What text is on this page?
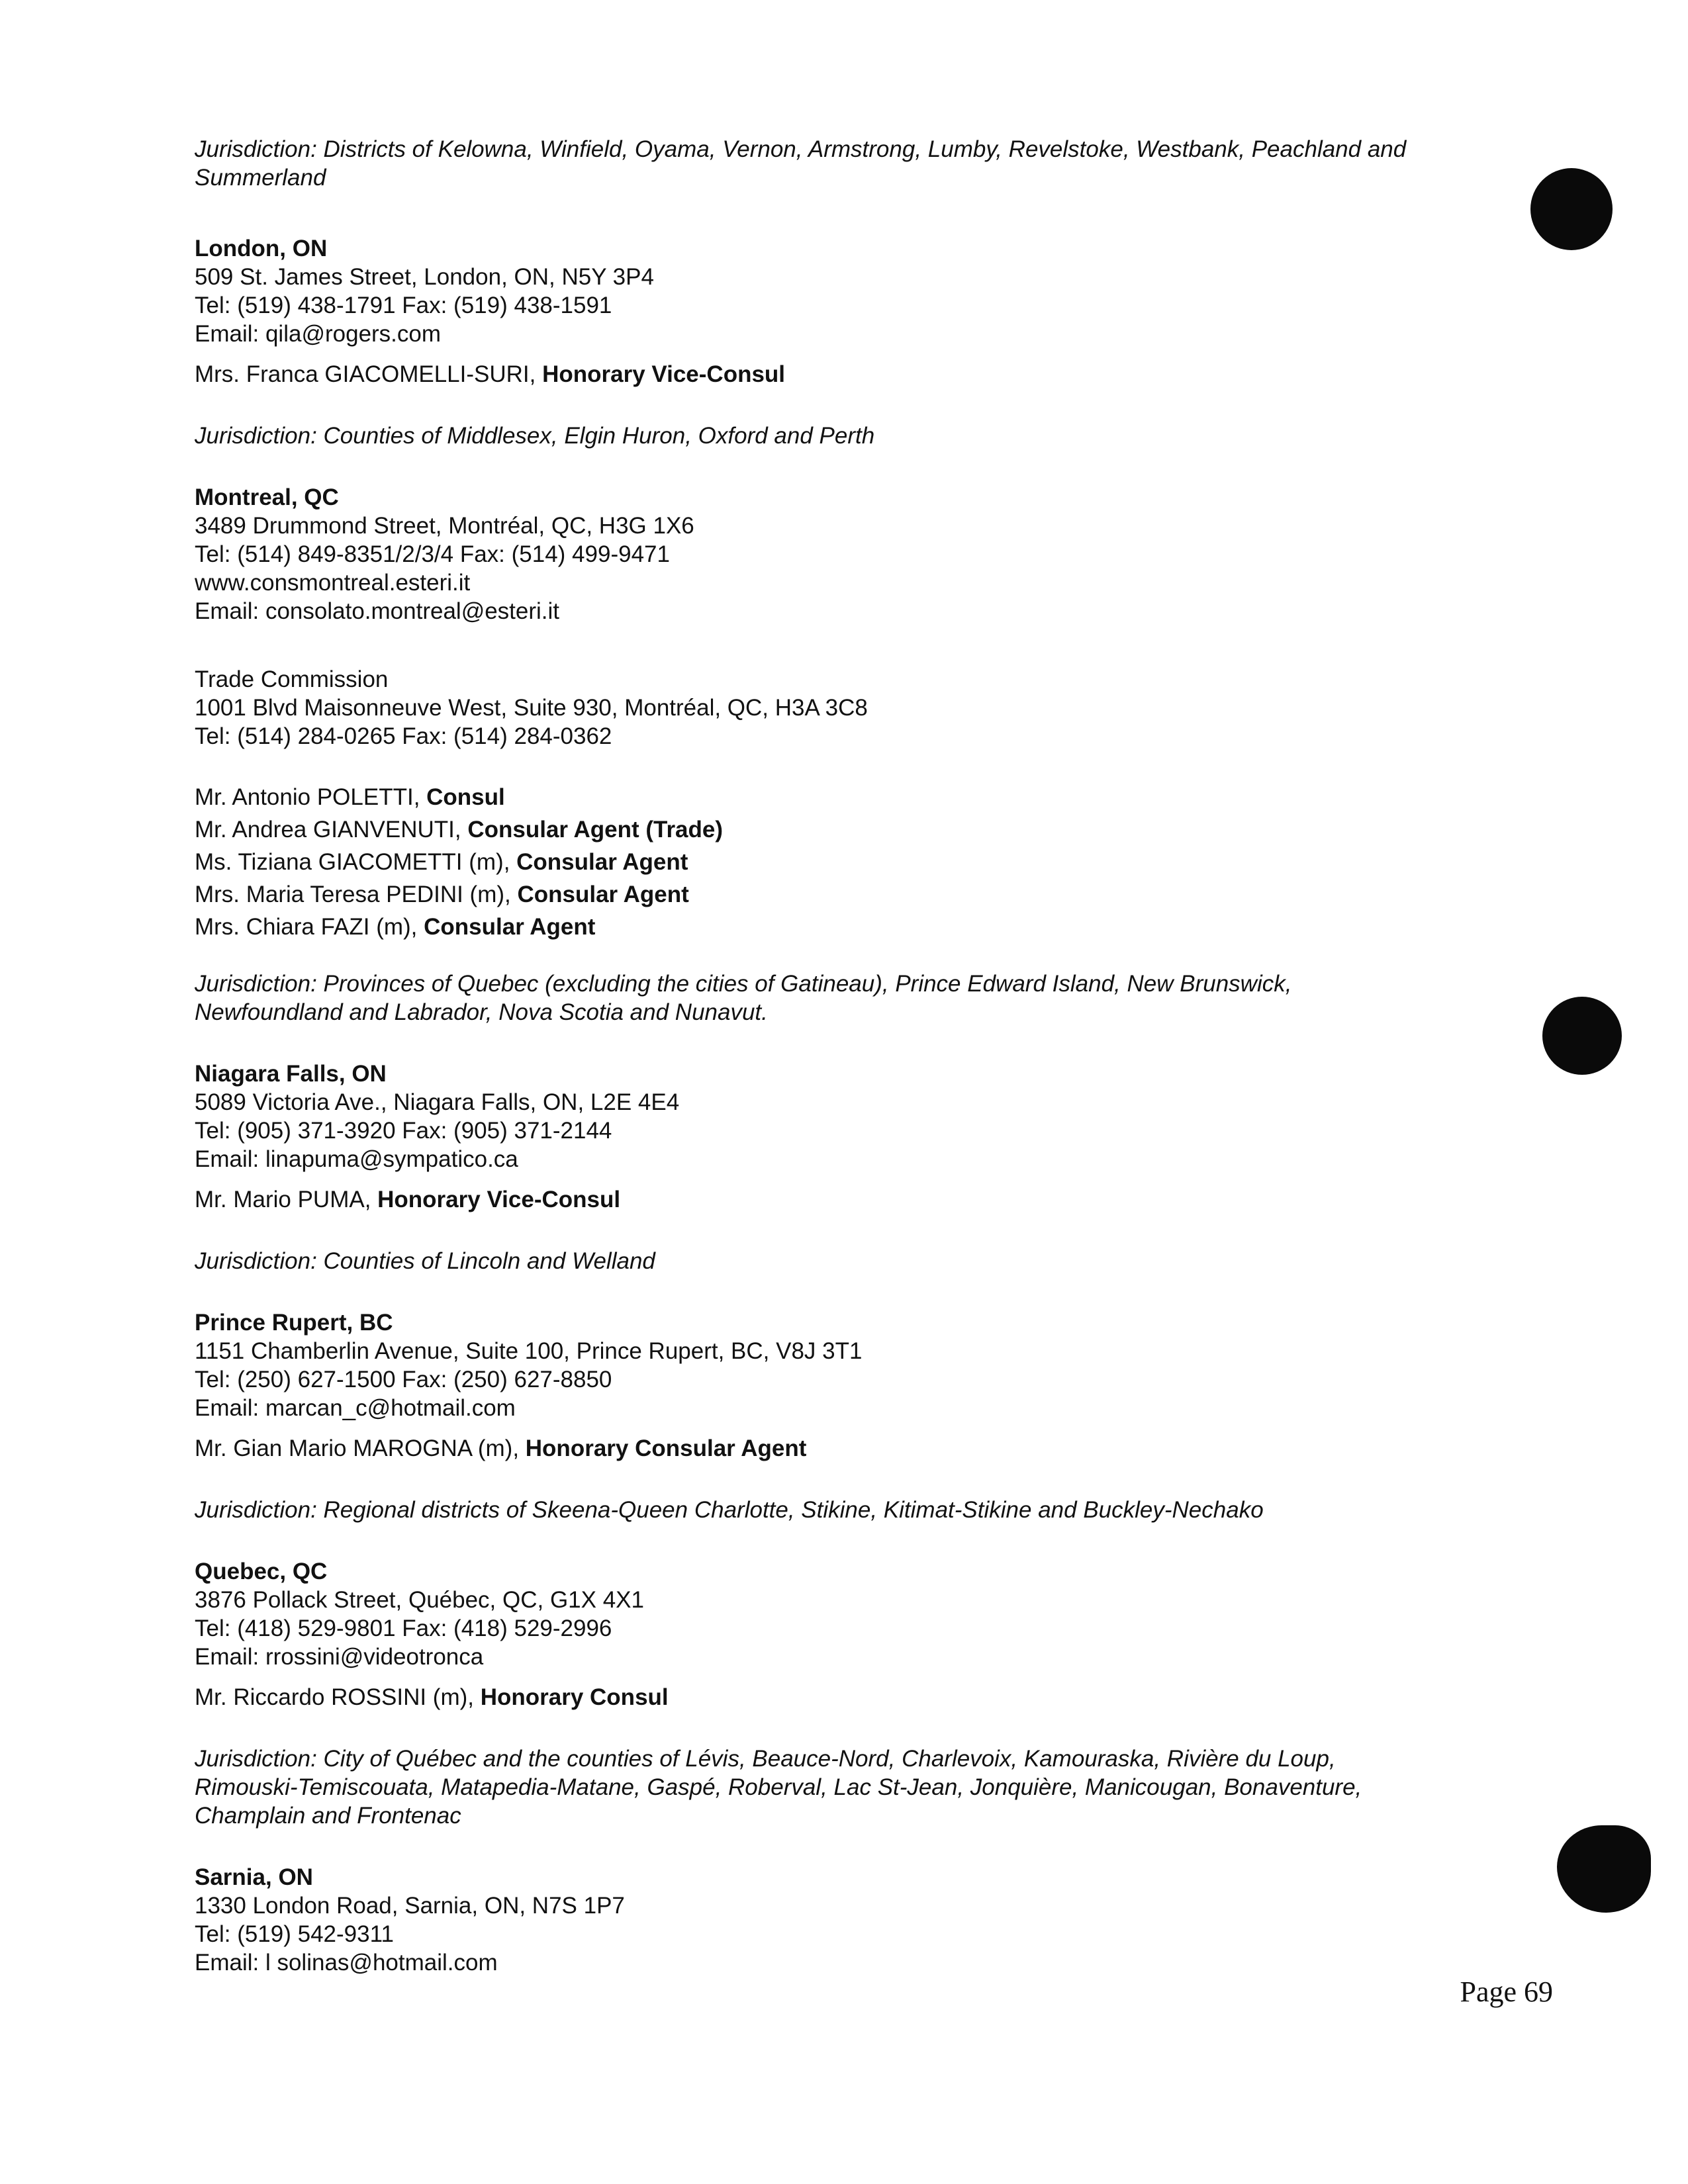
Jurisdiction: Districts of Kelowna, Winfield, Oyama, Vernon, Armstrong, Lumby, Revelstoke, Westbank, Peachland and
Summerland
London, ON
509 St. James Street, London, ON, N5Y 3P4
Tel: (519) 438-1791 Fax: (519) 438-1591
Email: qila@rogers.com
Mrs. Franca GIACOMELLI-SURI, Honorary Vice-Consul
Jurisdiction: Counties of Middlesex, Elgin Huron, Oxford and Perth
Montreal, QC
3489 Drummond Street, Montréal, QC, H3G 1X6
Tel: (514) 849-8351/2/3/4 Fax: (514) 499-9471
www.consmontreal.esteri.it
Email: consolato.montreal@esteri.it
Trade Commission
1001 Blvd Maisonneuve West, Suite 930, Montréal, QC, H3A 3C8
Tel: (514) 284-0265 Fax: (514) 284-0362
Mr. Antonio POLETTI, Consul
Mr. Andrea GIANVENUTI, Consular Agent (Trade)
Ms. Tiziana GIACOMETTI (m), Consular Agent
Mrs. Maria Teresa PEDINI (m), Consular Agent
Mrs. Chiara FAZI (m), Consular Agent
Jurisdiction: Provinces of Quebec (excluding the cities of Gatineau), Prince Edward Island, New Brunswick,
Newfoundland and Labrador, Nova Scotia and Nunavut.
Niagara Falls, ON
5089 Victoria Ave., Niagara Falls, ON, L2E 4E4
Tel: (905) 371-3920 Fax: (905) 371-2144
Email: linapuma@sympatico.ca
Mr. Mario PUMA, Honorary Vice-Consul
Jurisdiction: Counties of Lincoln and Welland
Prince Rupert, BC
1151 Chamberlin Avenue, Suite 100, Prince Rupert, BC, V8J 3T1
Tel: (250) 627-1500 Fax: (250) 627-8850
Email: marcan_c@hotmail.com
Mr. Gian Mario MAROGNA (m), Honorary Consular Agent
Jurisdiction: Regional districts of Skeena-Queen Charlotte, Stikine, Kitimat-Stikine and Buckley-Nechako
Quebec, QC
3876 Pollack Street, Québec, QC, G1X 4X1
Tel: (418) 529-9801 Fax: (418) 529-2996
Email: rrossini@videotronca
Mr. Riccardo ROSSINI (m), Honorary Consul
Jurisdiction: City of Québec and the counties of Lévis, Beauce-Nord, Charlevoix, Kamouraska, Rivière du Loup,
Rimouski-Temiscouata, Matapedia-Matane, Gaspé, Roberval, Lac St-Jean, Jonquière, Manicougan, Bonaventure,
Champlain and Frontenac
Sarnia, ON
1330 London Road, Sarnia, ON, N7S 1P7
Tel: (519) 542-9311
Email: l solinas@hotmail.com
Page 69
